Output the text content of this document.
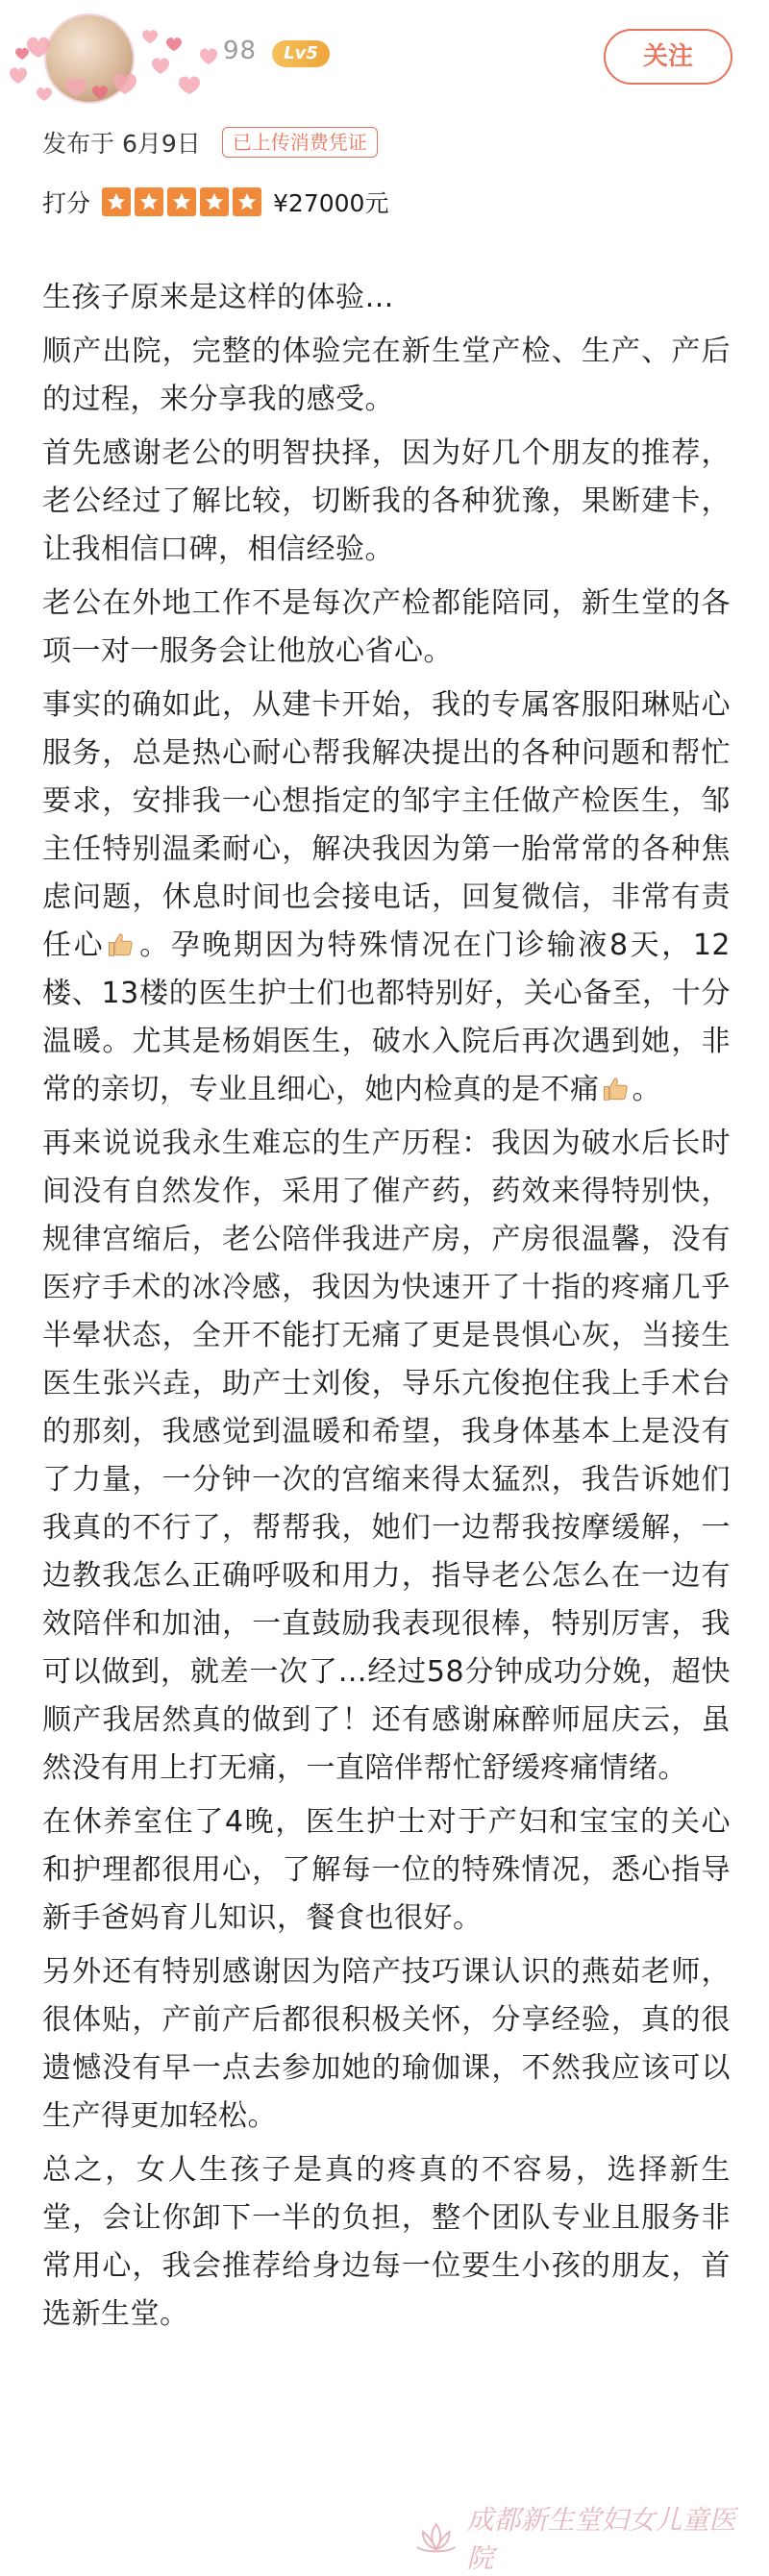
98	Lv5	关注
发布于 6月9日	已上传消费凭证
打分	¥27000元

生孩子原来是这样的体验…

顺产出院，完整的体验完在新生堂产检、生产、产后的过程，来分享我的感受。

首先感谢老公的明智抉择，因为好几个朋友的推荐，老公经过了解比较，切断我的各种犹豫，果断建卡，让我相信口碑，相信经验。

老公在外地工作不是每次产检都能陪同，新生堂的各项一对一服务会让他放心省心。

事实的确如此，从建卡开始，我的专属客服阳琳贴心服务，总是热心耐心帮我解决提出的各种问题和帮忙要求，安排我一心想指定的邹宇主任做产检医生，邹主任特别温柔耐心，解决我因为第一胎常常的各种焦虑问题，休息时间也会接电话，回复微信，非常有责任心 。孕晚期因为特殊情况在门诊输液8天，12楼、13楼的医生护士们也都特别好，关心备至，十分温暖。尤其是杨娟医生，破水入院后再次遇到她，非常的亲切，专业且细心，她内检真的是不痛 。

再来说说我永生难忘的生产历程：我因为破水后长时间没有自然发作，采用了催产药，药效来得特别快，规律宫缩后，老公陪伴我进产房，产房很温馨，没有医疗手术的冰冷感，我因为快速开了十指的疼痛几乎半晕状态，全开不能打无痛了更是畏惧心灰，当接生医生张兴垚，助产士刘俊，导乐亢俊抱住我上手术台的那刻，我感觉到温暖和希望，我身体基本上是没有了力量，一分钟一次的宫缩来得太猛烈，我告诉她们我真的不行了，帮帮我，她们一边帮我按摩缓解，一边教我怎么正确呼吸和用力，指导老公怎么在一边有效陪伴和加油，一直鼓励我表现很棒，特别厉害，我可以做到，就差一次了…经过58分钟成功分娩，超快顺产我居然真的做到了！还有感谢麻醉师屈庆云，虽然没有用上打无痛，一直陪伴帮忙舒缓疼痛情绪。

在休养室住了4晚，医生护士对于产妇和宝宝的关心和护理都很用心，了解每一位的特殊情况，悉心指导新手爸妈育儿知识，餐食也很好。

另外还有特别感谢因为陪产技巧课认识的燕茹老师，很体贴，产前产后都很积极关怀，分享经验，真的很遗憾没有早一点去参加她的瑜伽课，不然我应该可以生产得更加轻松。

总之，女人生孩子是真的疼真的不容易，选择新生堂，会让你卸下一半的负担，整个团队专业且服务非常用心，我会推荐给身边每一位要生小孩的朋友，首选新生堂。

成都新生堂妇女儿童医院
